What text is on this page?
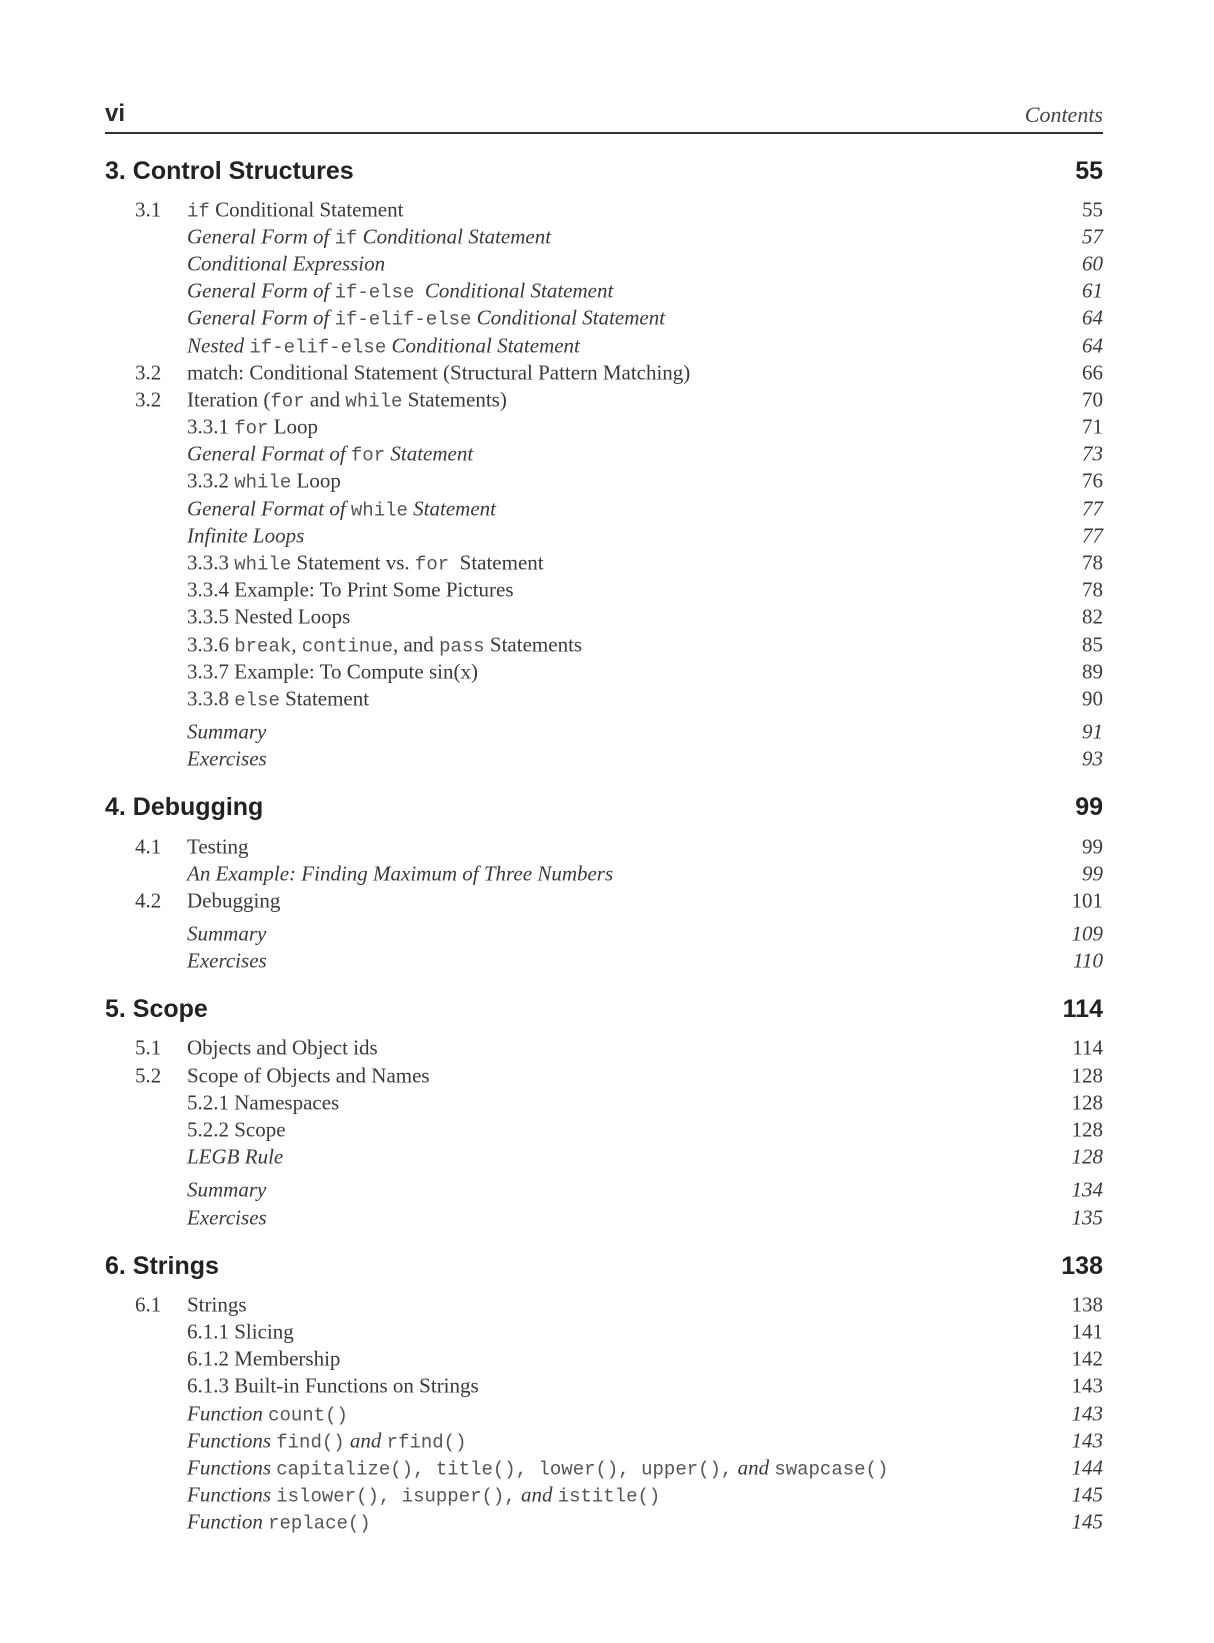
vi	Contents
3. Control Structures	55
3.1 if Conditional Statement	55
General Form of if Conditional Statement	57
Conditional Expression	60
General Form of if-else  Conditional Statement	61
General Form of if-elif-else Conditional Statement	64
Nested if-elif-else Conditional Statement	64
3.2 match: Conditional Statement (Structural Pattern Matching)	66
3.2 Iteration (for and while Statements)	70
3.3.1 for Loop	71
General Format of for Statement	73
3.3.2 while Loop	76
General Format of while Statement	77
Infinite Loops	77
3.3.3 while Statement vs. for  Statement	78
3.3.4 Example: To Print Some Pictures	78
3.3.5 Nested Loops	82
3.3.6 break, continue, and pass Statements	85
3.3.7 Example: To Compute sin(x)	89
3.3.8 else Statement	90
Summary	91
Exercises	93
4. Debugging	99
4.1 Testing	99
An Example: Finding Maximum of Three Numbers	99
4.2 Debugging	101
Summary	109
Exercises	110
5. Scope	114
5.1 Objects and Object ids	114
5.2 Scope of Objects and Names	128
5.2.1 Namespaces	128
5.2.2 Scope	128
LEGB Rule	128
Summary	134
Exercises	135
6. Strings	138
6.1 Strings	138
6.1.1 Slicing	141
6.1.2 Membership	142
6.1.3 Built-in Functions on Strings	143
Function count()	143
Functions find() and rfind()	143
Functions capitalize(), title(), lower(), upper(), and swapcase()	144
Functions islower(), isupper(), and istitle()	145
Function replace()	145
